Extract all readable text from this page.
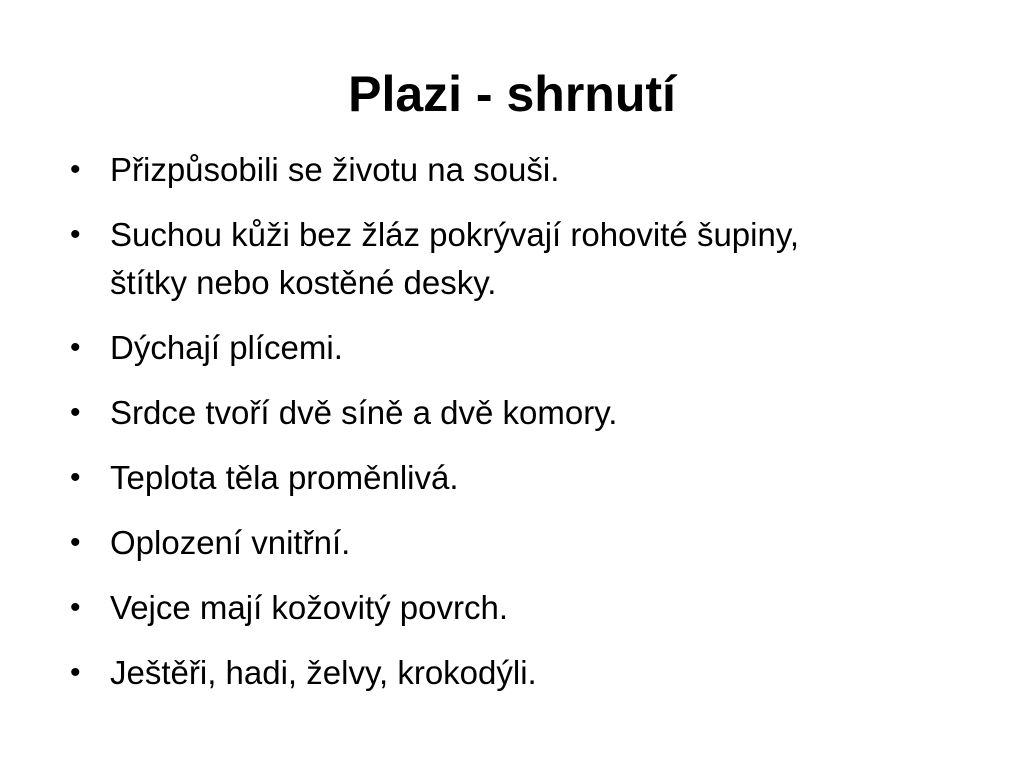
Plazi - shrnutí
• Přizpůsobili se životu na souši.
• Suchou kůži bez žláz pokrývají rohovité šupiny,
štítky nebo kostěné desky.
• Dýchají plícemi.
• Srdce tvoří dvě síně a dvě komory.
• Teplota těla proměnlivá.
• Oplození vnitřní.
• Vejce mají kožovitý povrch.
• Ještěři, hadi, želvy, krokodýli.
